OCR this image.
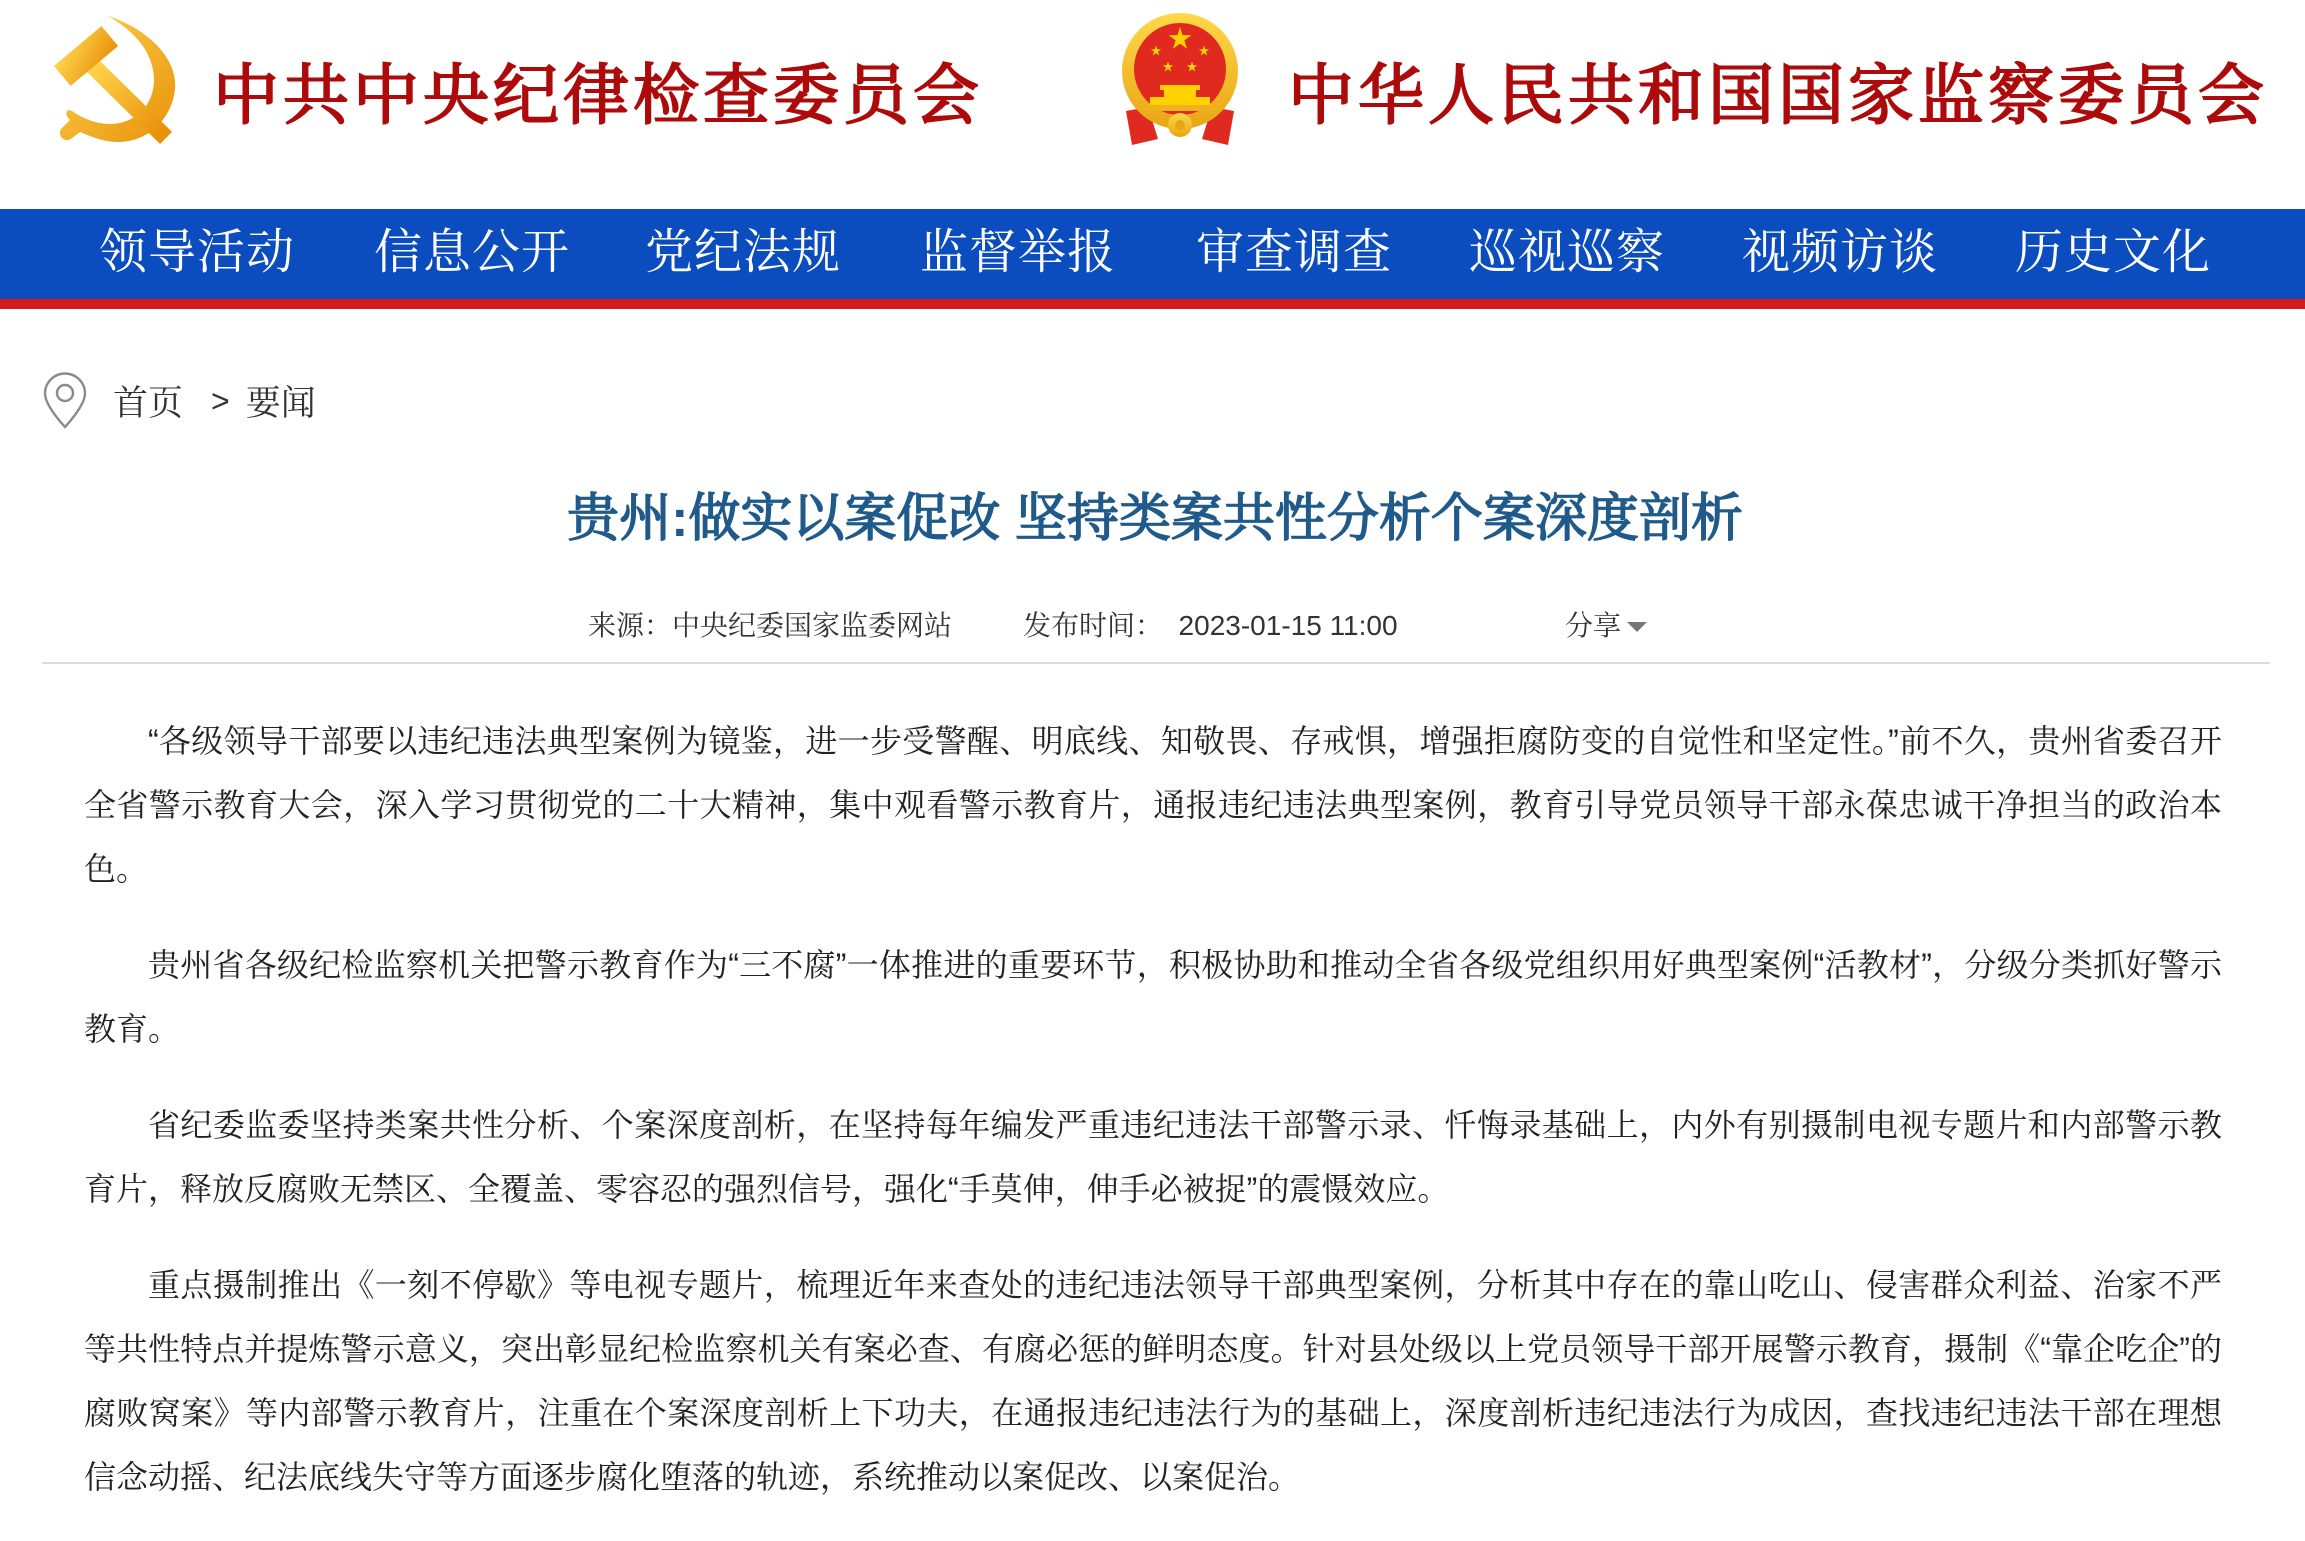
中共中央纪律检查委员会	中华人民共和国国家监察委员会
领导活动 信息公开 党纪法规 监督举报 审查调查 巡视巡察 视频访谈 历史文化
首页 > 要闻
贵州:做实以案促改 坚持类案共性分析个案深度剖析
来源：中央纪委国家监委网站	发布时间：  2023-01-15 11:00	分享

“各级领导干部要以违纪违法典型案例为镜鉴，进一步受警醒、明底线、知敬畏、存戒惧，增强拒腐防变的自觉性和坚定性。”前不久，贵州省委召开全省警示教育大会，深入学习贯彻党的二十大精神，集中观看警示教育片，通报违纪违法典型案例，教育引导党员领导干部永葆忠诚干净担当的政治本色。

贵州省各级纪检监察机关把警示教育作为“三不腐”一体推进的重要环节，积极协助和推动全省各级党组织用好典型案例“活教材”，分级分类抓好警示教育。

省纪委监委坚持类案共性分析、个案深度剖析，在坚持每年编发严重违纪违法干部警示录、忏悔录基础上，内外有别摄制电视专题片和内部警示教育片，释放反腐败无禁区、全覆盖、零容忍的强烈信号，强化“手莫伸，伸手必被捉”的震慑效应。

重点摄制推出《一刻不停歇》等电视专题片，梳理近年来查处的违纪违法领导干部典型案例，分析其中存在的靠山吃山、侵害群众利益、治家不严等共性特点并提炼警示意义，突出彰显纪检监察机关有案必查、有腐必惩的鲜明态度。针对县处级以上党员领导干部开展警示教育，摄制《“靠企吃企”的腐败窝案》等内部警示教育片，注重在个案深度剖析上下功夫，在通报违纪违法行为的基础上，深度剖析违纪违法行为成因，查找违纪违法干部在理想信念动摇、纪法底线失守等方面逐步腐化堕落的轨迹，系统推动以案促改、以案促治。
